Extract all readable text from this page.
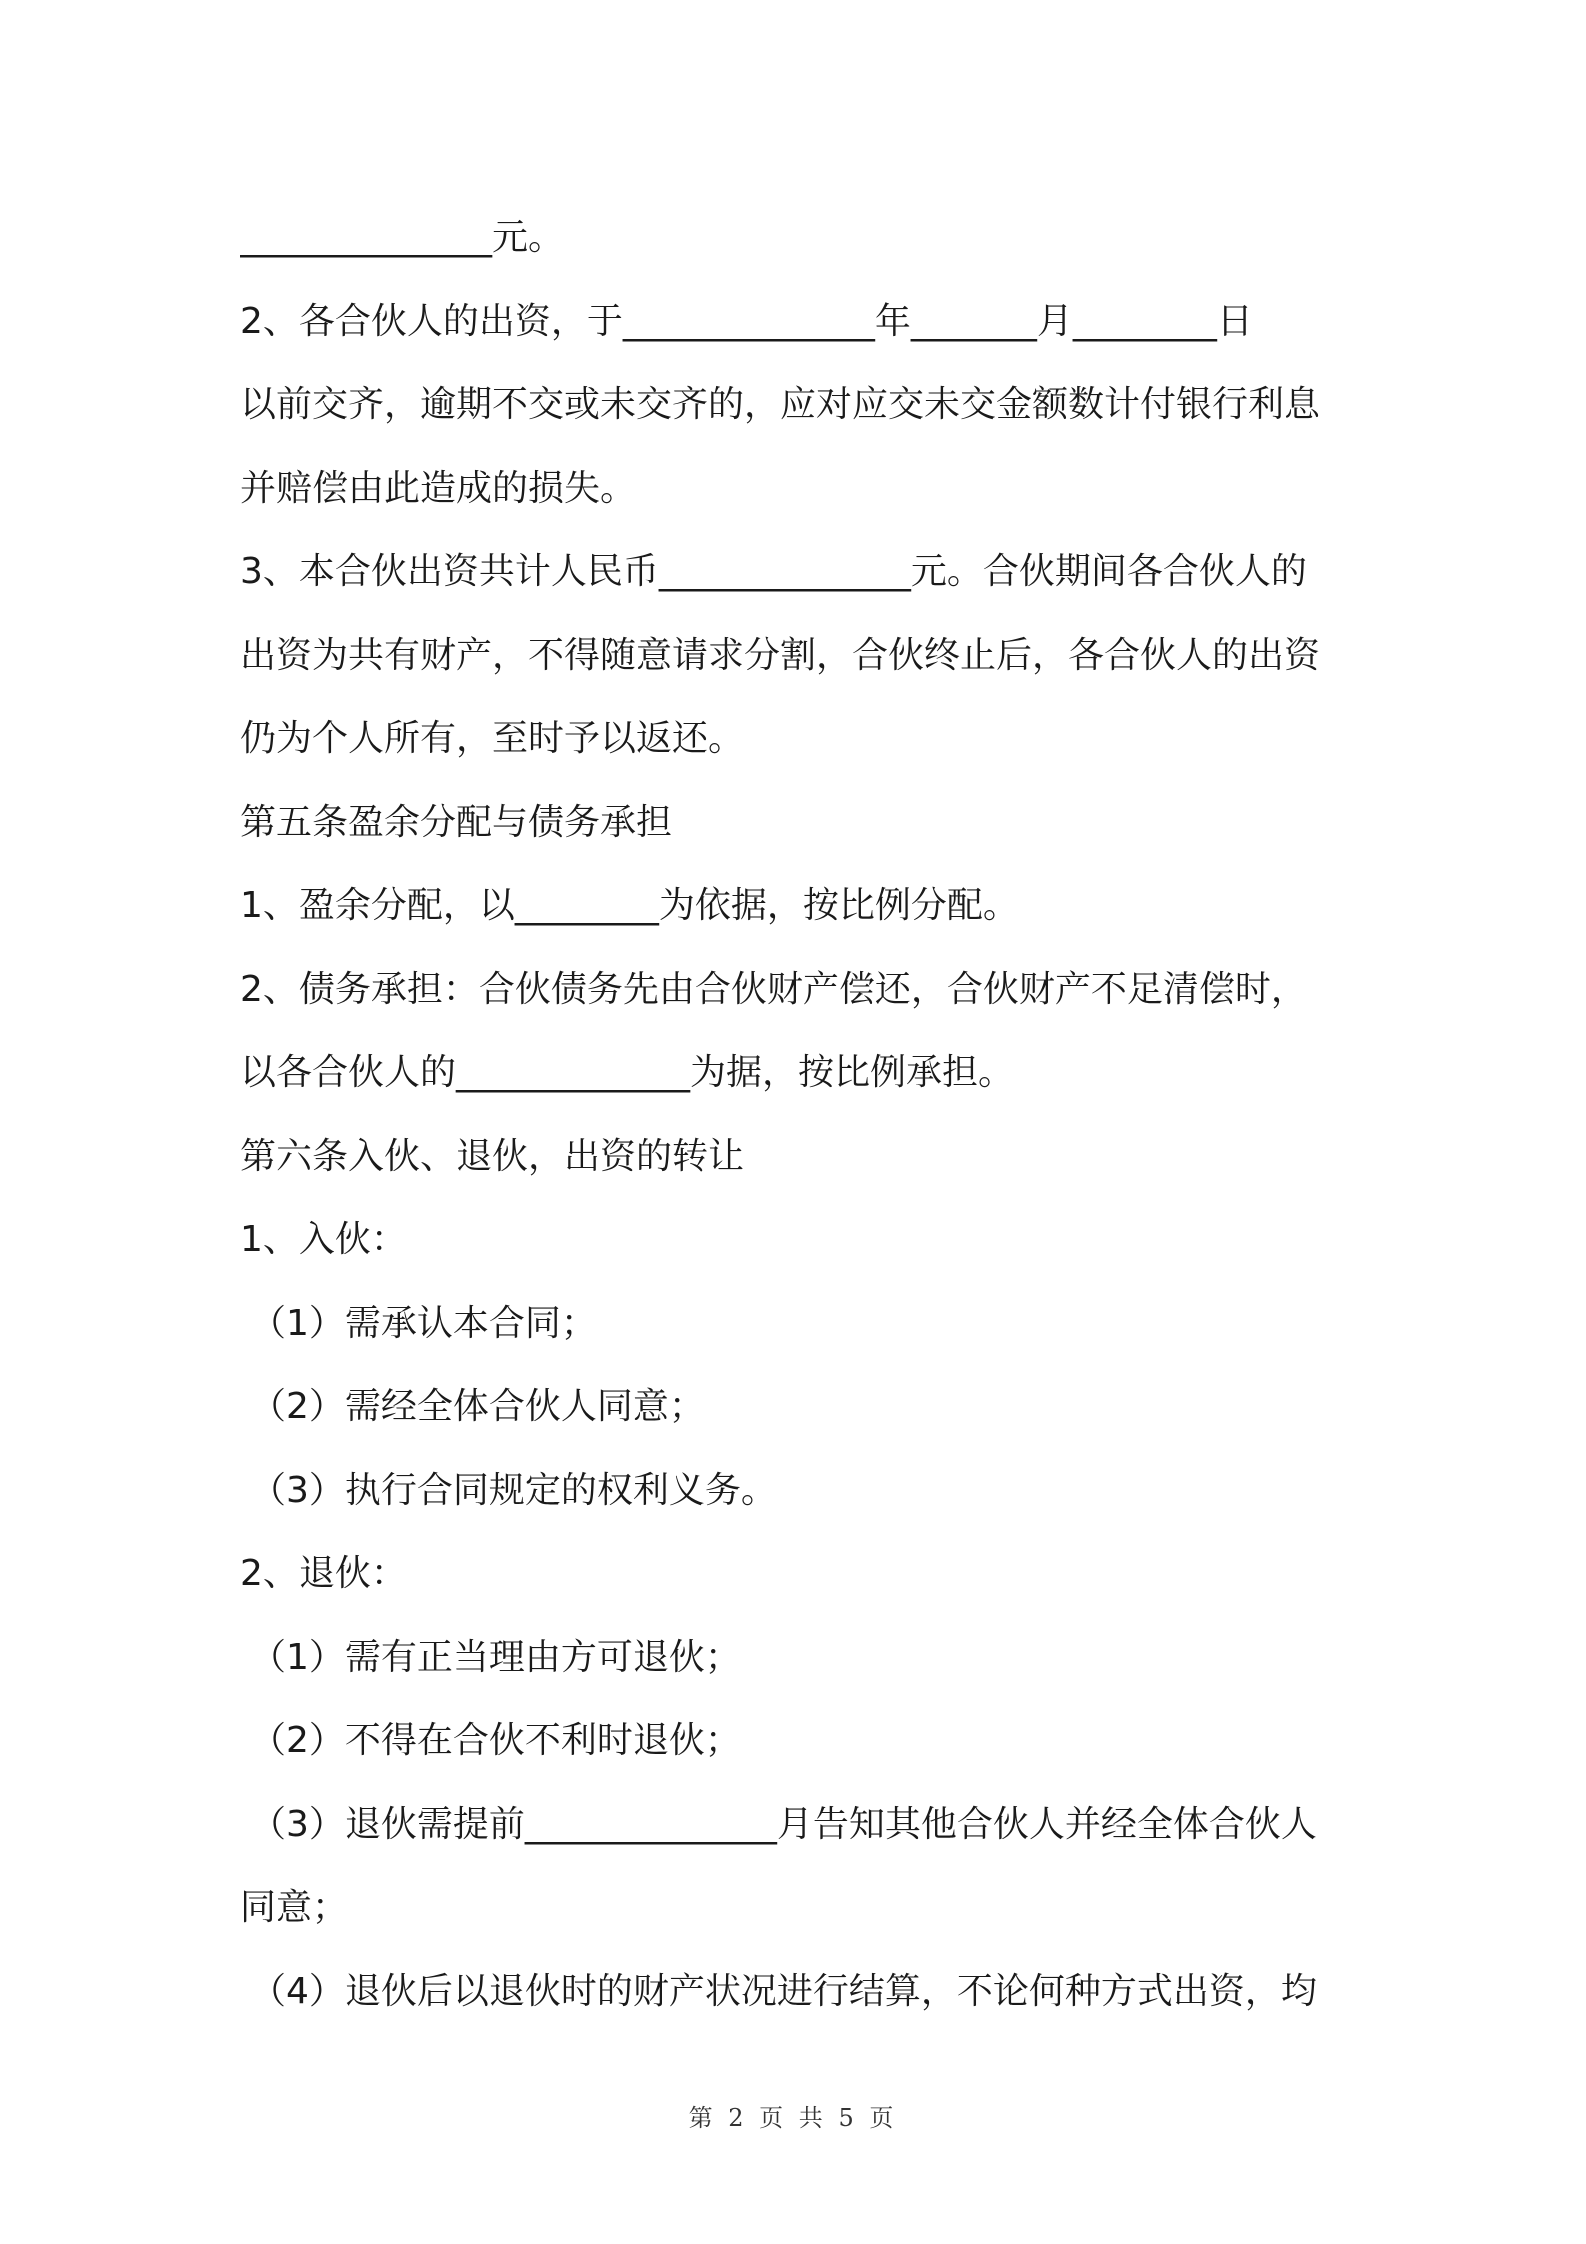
______________元。
2、各合伙人的出资，于______________年_______月________日
以前交齐，逾期不交或未交齐的，应对应交未交金额数计付银行利息
并赔偿由此造成的损失。
3、本合伙出资共计人民币______________元。合伙期间各合伙人的
出资为共有财产，不得随意请求分割，合伙终止后，各合伙人的出资
仍为个人所有，至时予以返还。
第五条盈余分配与债务承担
1、盈余分配，以________为依据，按比例分配。
2、债务承担：合伙债务先由合伙财产偿还，合伙财产不足清偿时，
以各合伙人的_____________为据，按比例承担。
第六条入伙、退伙，出资的转让
1、入伙：
（1）需承认本合同；
（2）需经全体合伙人同意；
（3）执行合同规定的权利义务。
2、退伙：
（1）需有正当理由方可退伙；
（2）不得在合伙不利时退伙；
（3）退伙需提前______________月告知其他合伙人并经全体合伙人
同意；
（4）退伙后以退伙时的财产状况进行结算，不论何种方式出资，均
第 2 页 共 5 页
